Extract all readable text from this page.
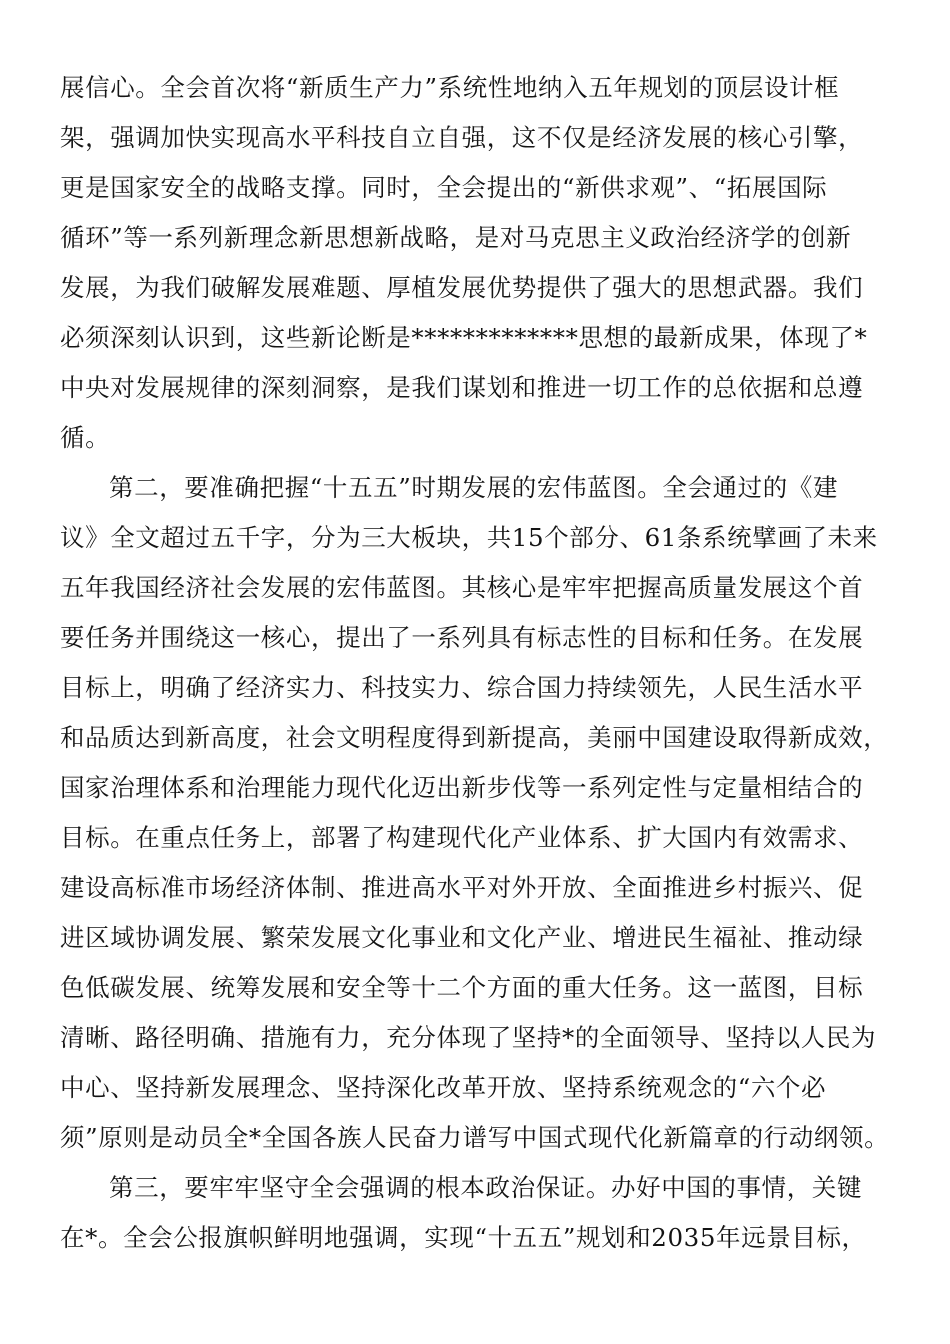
展信心。全会首次将“新质生产力”系统性地纳入五年规划的顶层设计框
架，强调加快实现高水平科技自立自强，这不仅是经济发展的核心引擎，
更是国家安全的战略支撑。同时，全会提出的“新供求观”、“拓展国际
循环”等一系列新理念新思想新战略，是对马克思主义政治经济学的创新
发展，为我们破解发展难题、厚植发展优势提供了强大的思想武器。我们
必须深刻认识到，这些新论断是*************思想的最新成果，体现了*
中央对发展规律的深刻洞察，是我们谋划和推进一切工作的总依据和总遵
循。
第二，要准确把握“十五五”时期发展的宏伟蓝图。全会通过的《建
议》全文超过五千字，分为三大板块，共15个部分、61条系统擘画了未来
五年我国经济社会发展的宏伟蓝图。其核心是牢牢把握高质量发展这个首
要任务并围绕这一核心，提出了一系列具有标志性的目标和任务。在发展
目标上，明确了经济实力、科技实力、综合国力持续领先，人民生活水平
和品质达到新高度，社会文明程度得到新提高，美丽中国建设取得新成效，
国家治理体系和治理能力现代化迈出新步伐等一系列定性与定量相结合的
目标。在重点任务上，部署了构建现代化产业体系、扩大国内有效需求、
建设高标准市场经济体制、推进高水平对外开放、全面推进乡村振兴、促
进区域协调发展、繁荣发展文化事业和文化产业、增进民生福祉、推动绿
色低碳发展、统筹发展和安全等十二个方面的重大任务。这一蓝图，目标
清晰、路径明确、措施有力，充分体现了坚持*的全面领导、坚持以人民为
中心、坚持新发展理念、坚持深化改革开放、坚持系统观念的“六个必
须”原则是动员全*全国各族人民奋力谱写中国式现代化新篇章的行动纲领。
第三，要牢牢坚守全会强调的根本政治保证。办好中国的事情，关键
在*。全会公报旗帜鲜明地强调，实现“十五五”规划和2035年远景目标，
